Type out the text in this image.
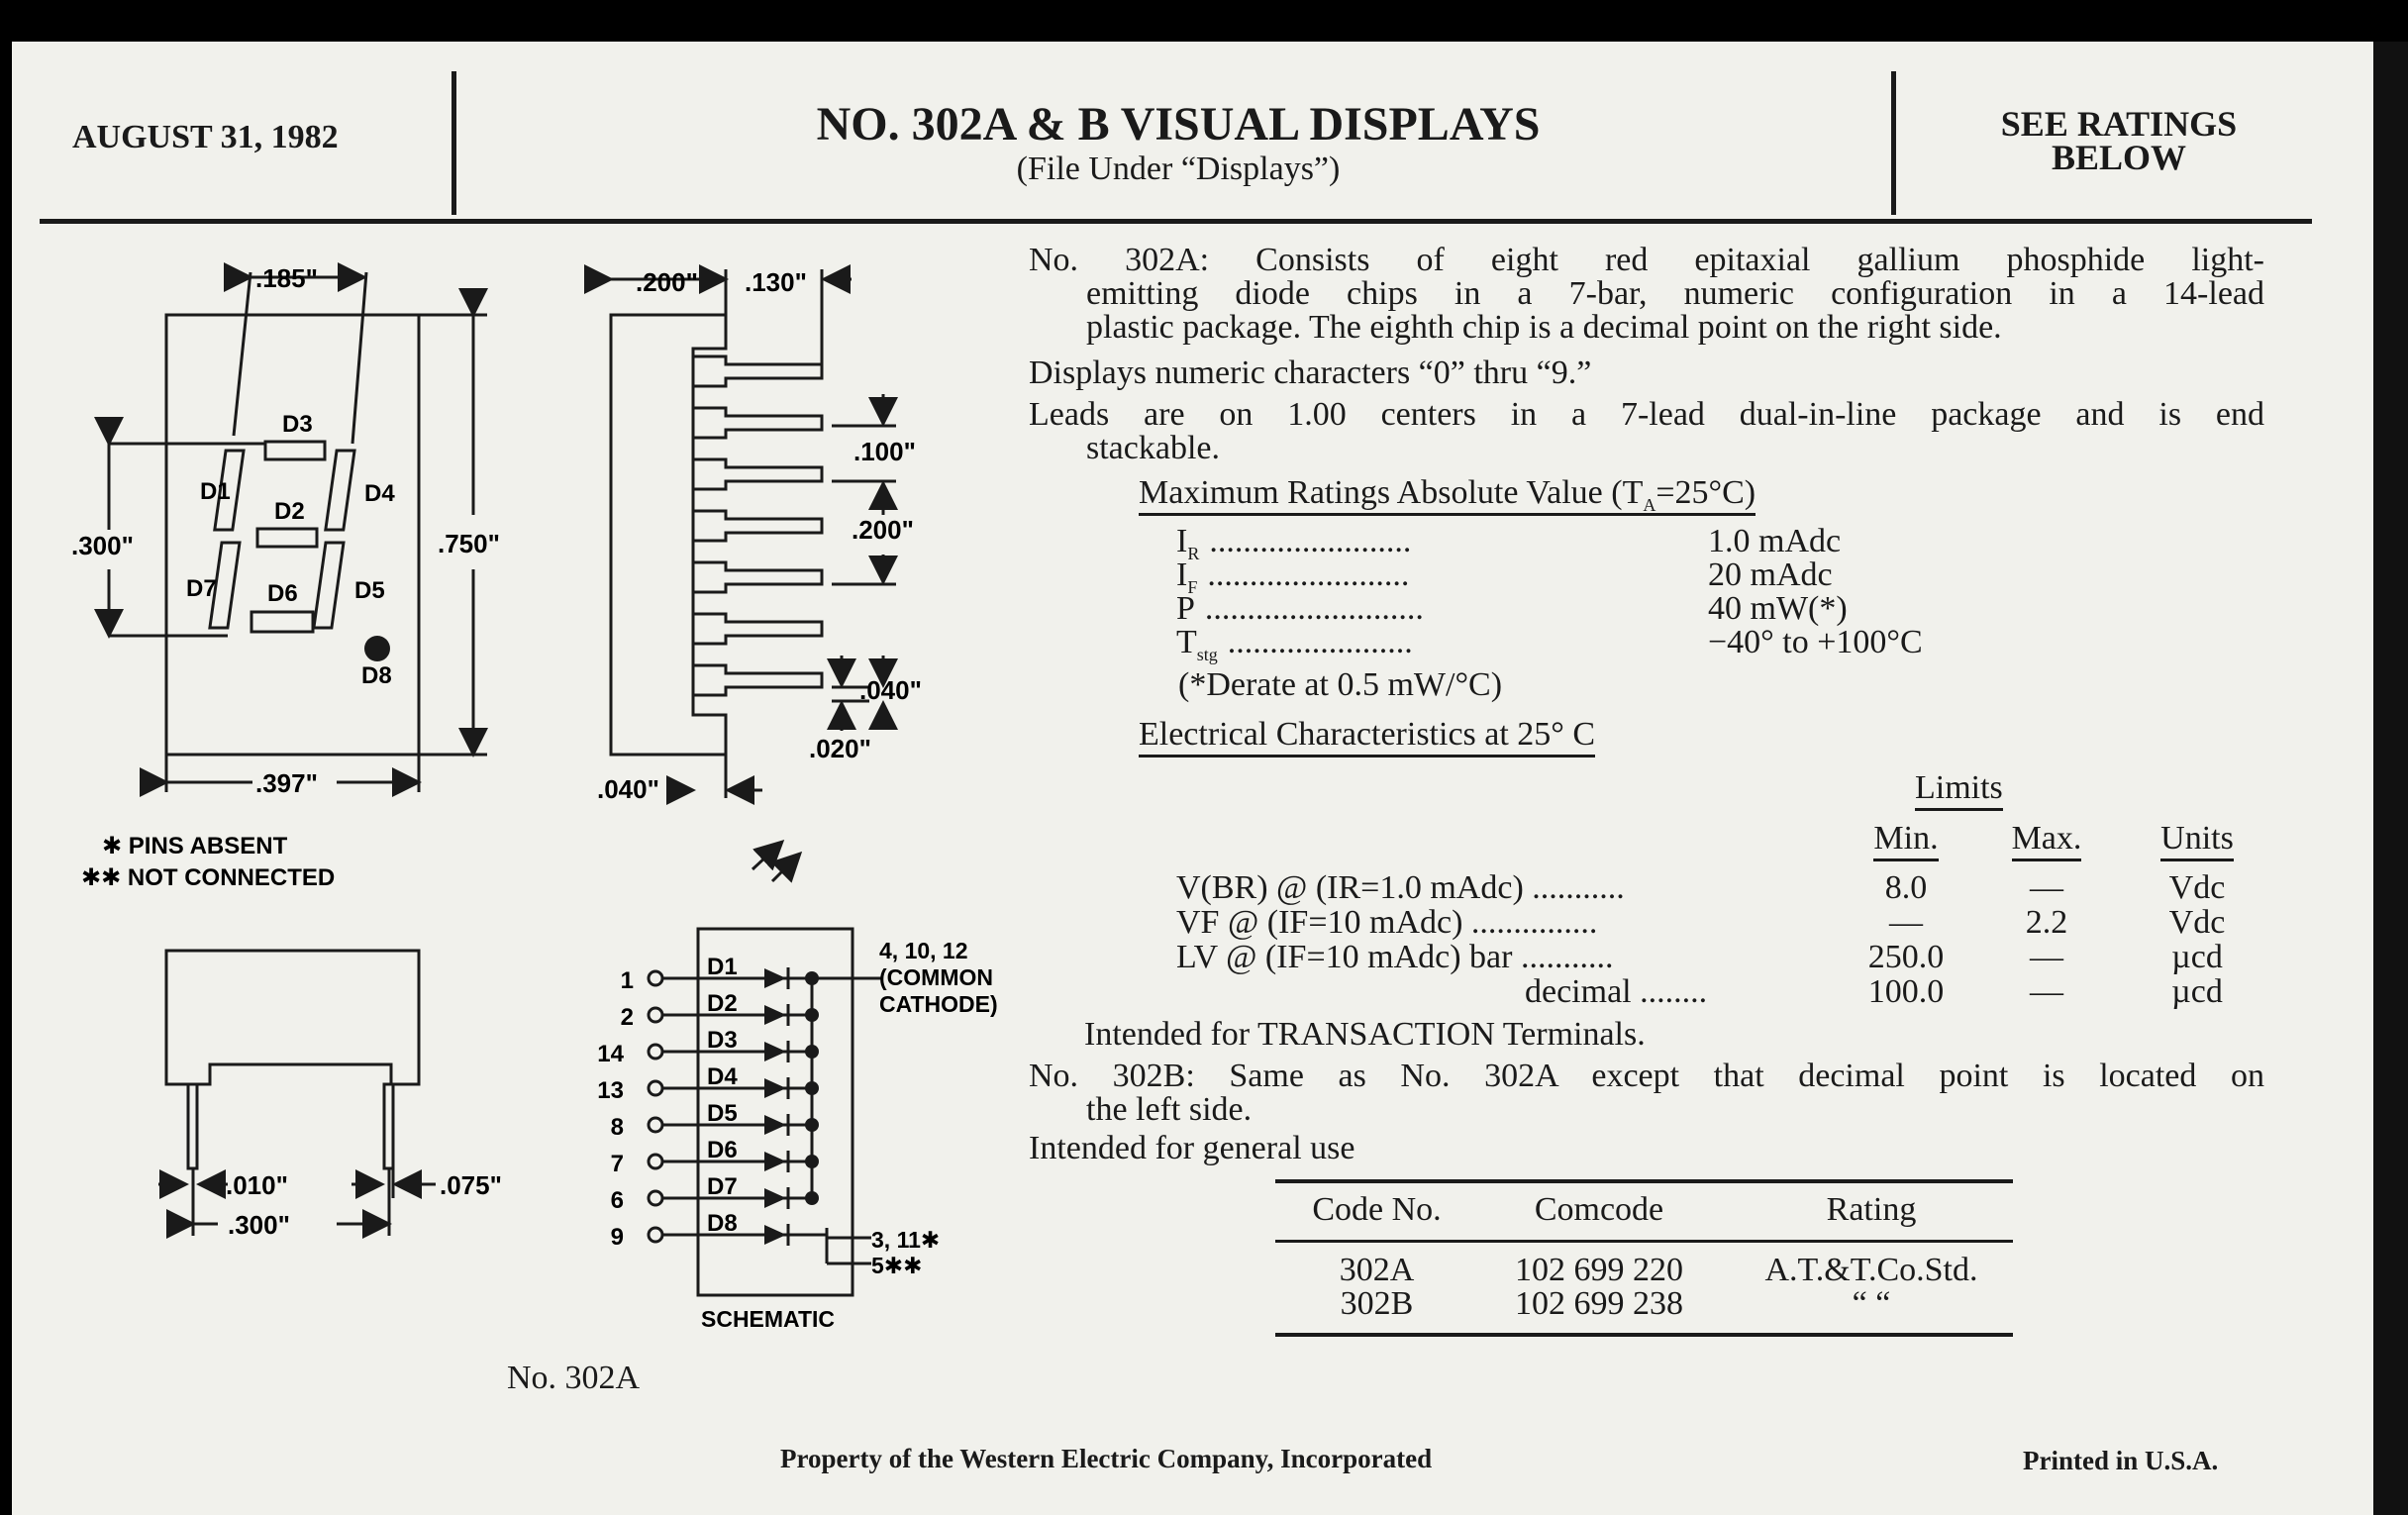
AUGUST 31, 1982	NO. 302A & B VISUAL DISPLAYS
(File Under “Displays”)
SEE RATINGS
BELOW
1
D1
2
D2
14
D3
13
D4
8
D5
7
D6
6
D7
9
D8
.185"	.200" .130"
.100"
.200"
.300"	.750"
.397"	.040"
.040"
.020"
.010"	.075"
.300"
D3
D1	D4
D2
D7 D6 D5
D8
✱ PINS ABSENT
✱✱ NOT CONNECTED
4, 10, 12
(COMMON
CATHODE)
3, 11✱
5✱✱
SCHEMATIC
No. 302A
No. 302A: Consists of eight red epitaxial gallium phosphide light-
emitting diode chips in a 7-bar, numeric configuration in a 14-lead
plastic package. The eighth chip is a decimal point on the right side.
Displays numeric characters “0” thru “9.”
Leads are on 1.00 centers in a 7-lead dual-in-line package and is end
stackable.
Maximum Ratings Absolute Value $(T_A=25^\circ C)$
$I_R$ ........................	1.0 mAdc
$I_F$ ........................	20 mAdc
P ..........................	40 mW(*)
$T_{stg}$ ......................	−40° to +100°C
(*Derate at 0.5 mW/°C)
Electrical Characteristics at 25° C
Limits
Min.	Max.	Units
V(BR) @ (IR=1.0 mAdc) ...........	8.0	—	Vdc
VF @ (IF=10 mAdc) ...............	—	2.2	Vdc
LV @ (IF=10 mAdc) bar ...........	250.0	—	µcd
decimal ........	100.0	—	µcd
Intended for TRANSACTION Terminals.
No. 302B: Same as No. 302A except that decimal point is located on
the left side.
Intended for general use
Code No.	Comcode	Rating
302A	102 699 220	A.T.&T.Co.Std.
302B	102 699 238	“ “
Property of the Western Electric Company, Incorporated	Printed in U.S.A.
